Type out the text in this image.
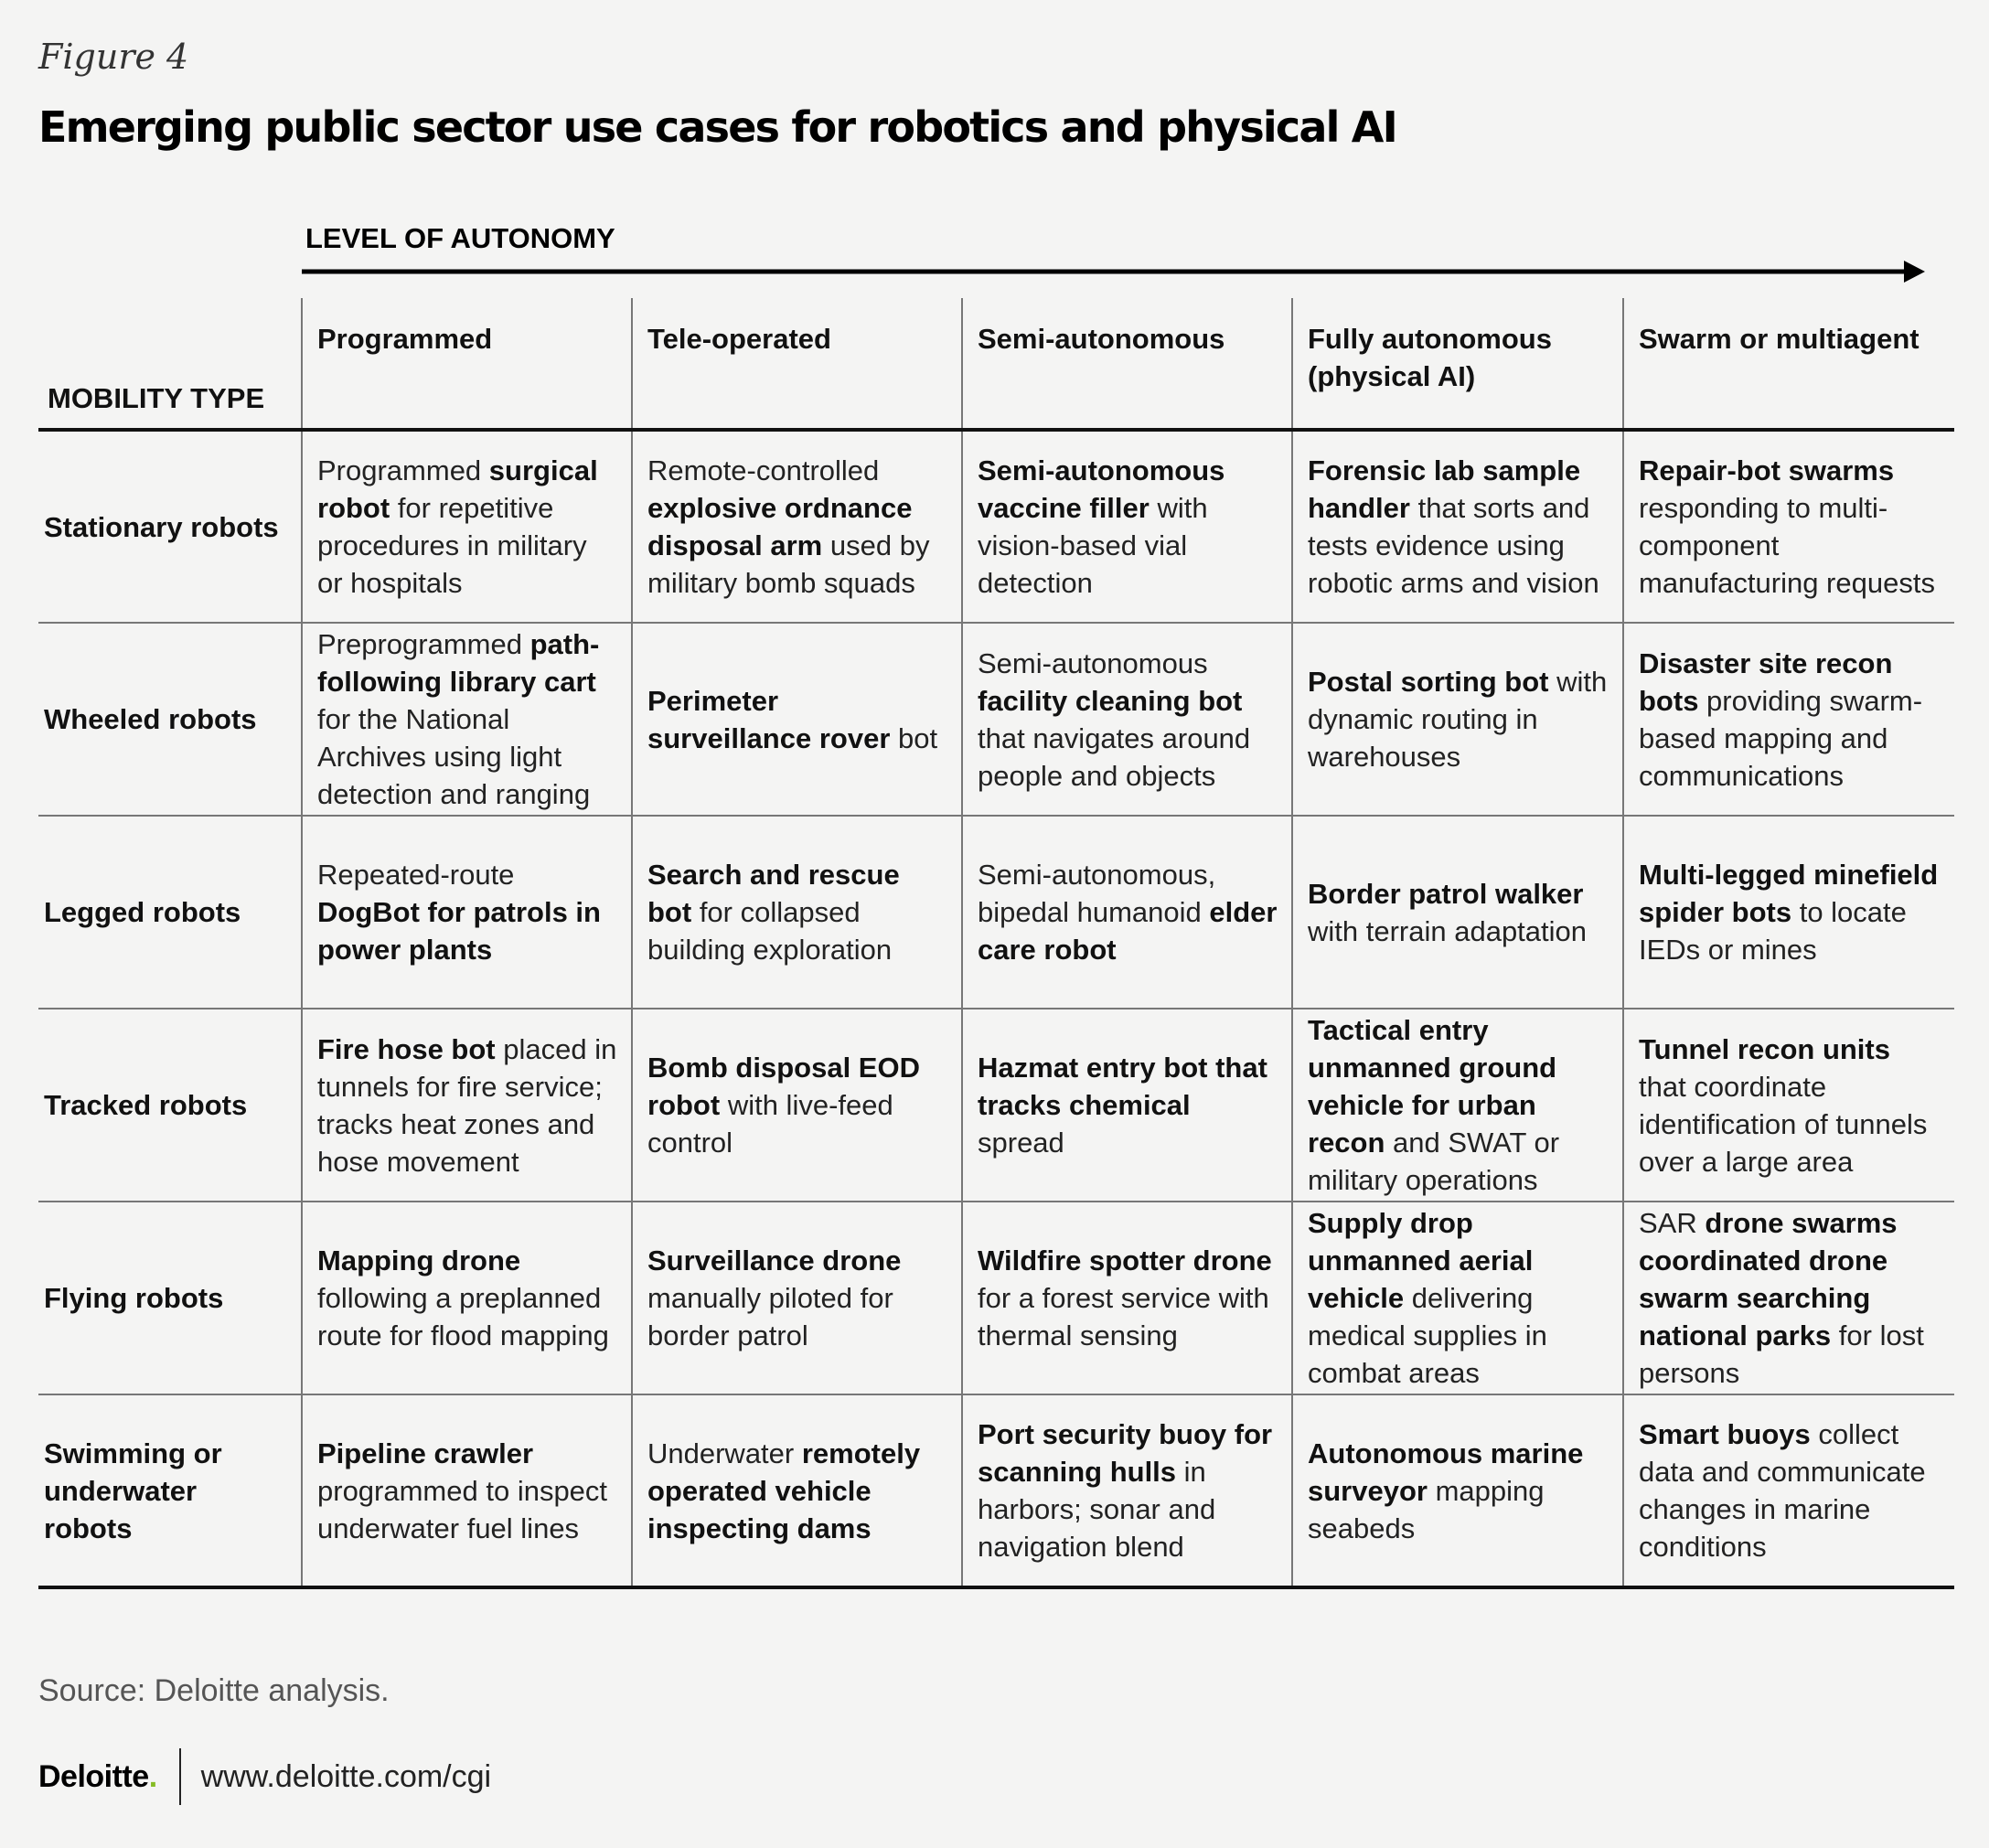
Figure 4
Emerging public sector use cases for robotics and physical AI
LEVEL OF AUTONOMY
MOBILITY TYPE	Programmed	Tele-operated	Semi-autonomous	Fully autonomous (physical AI)	Swarm or multiagent
Stationary robots	Programmed surgical robot for repetitive procedures in military or hospitals	Remote-controlled explosive ordnance disposal arm used by military bomb squads	Semi-autonomous vaccine filler with vision-based vial detection	Forensic lab sample handler that sorts and tests evidence using robotic arms and vision	Repair-bot swarms responding to multi-component manufacturing requests
Wheeled robots	Preprogrammed path-following library cart for the National Archives using light detection and ranging	Perimeter surveillance rover bot	Semi-autonomous facility cleaning bot that navigates around people and objects	Postal sorting bot with dynamic routing in warehouses	Disaster site recon bots providing swarm-based mapping and communications
Legged robots	Repeated-route DogBot for patrols in power plants	Search and rescue bot for collapsed building exploration	Semi-autonomous, bipedal humanoid elder care robot	Border patrol walker with terrain adaptation	Multi-legged minefield spider bots to locate IEDs or mines
Tracked robots	Fire hose bot placed in tunnels for fire service; tracks heat zones and hose movement	Bomb disposal EOD robot with live-feed control	Hazmat entry bot that tracks chemical spread	Tactical entry unmanned ground vehicle for urban recon and SWAT or military operations	Tunnel recon units that coordinate identification of tunnels over a large area
Flying robots	Mapping drone following a preplanned route for flood mapping	Surveillance drone manually piloted for border patrol	Wildfire spotter drone for a forest service with thermal sensing	Supply drop unmanned aerial vehicle delivering medical supplies in combat areas	SAR drone swarms coordinated drone swarm searching national parks for lost persons
Swimming or underwater robots	Pipeline crawler programmed to inspect underwater fuel lines	Underwater remotely operated vehicle inspecting dams	Port security buoy for scanning hulls in harbors; sonar and navigation blend	Autonomous marine surveyor mapping seabeds	Smart buoys collect data and communicate changes in marine conditions
Source: Deloitte analysis.
Deloitte. www.deloitte.com/cgi
